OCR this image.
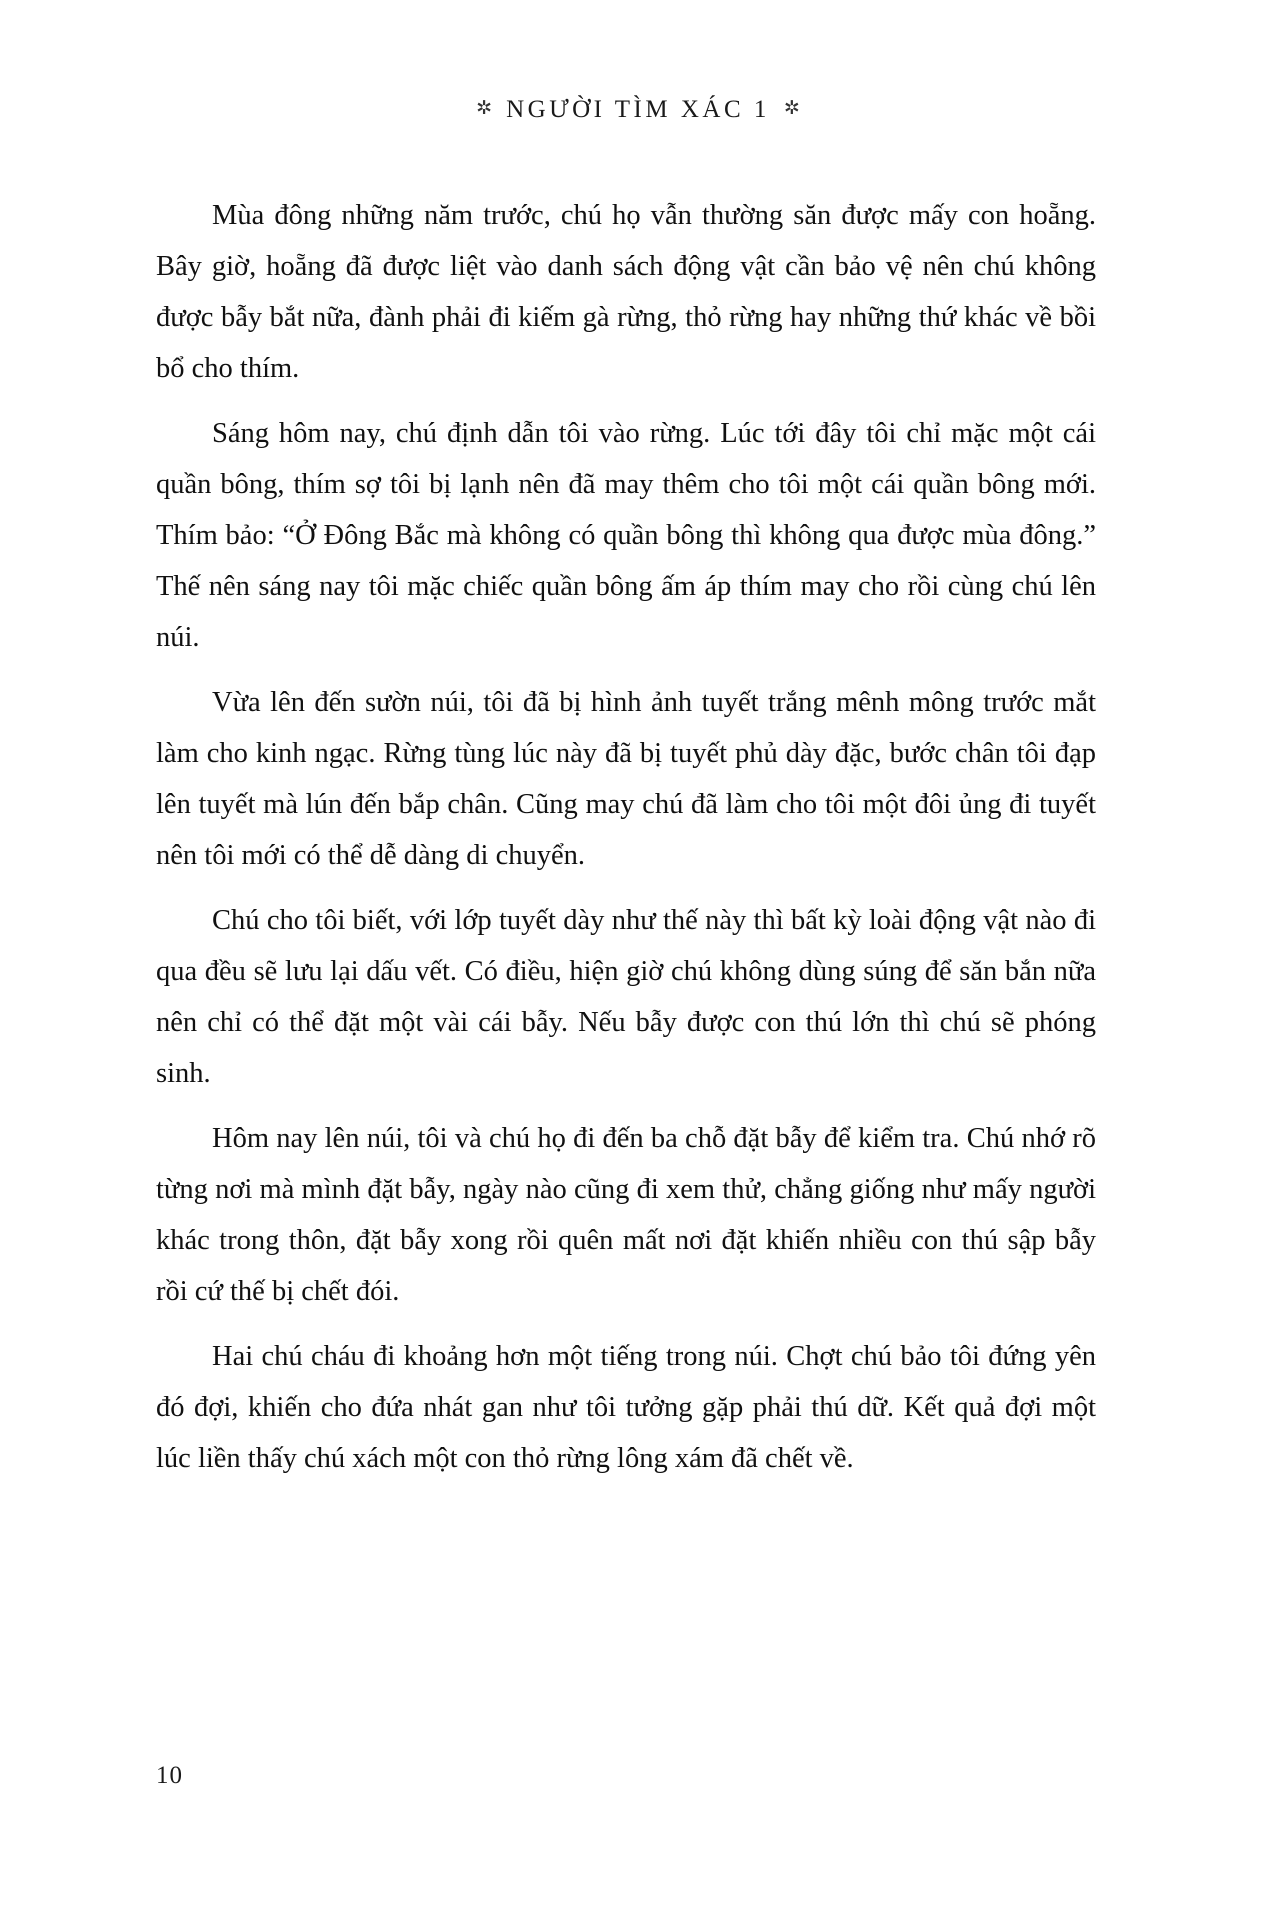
✲ NGƯỜI TÌM XÁC 1 ✲

Mùa đông những năm trước, chú họ vẫn thường săn được mấy con hoẵng. Bây giờ, hoẵng đã được liệt vào danh sách động vật cần bảo vệ nên chú không được bẫy bắt nữa, đành phải đi kiếm gà rừng, thỏ rừng hay những thứ khác về bồi bổ cho thím.

Sáng hôm nay, chú định dẫn tôi vào rừng. Lúc tới đây tôi chỉ mặc một cái quần bông, thím sợ tôi bị lạnh nên đã may thêm cho tôi một cái quần bông mới. Thím bảo: “Ở Đông Bắc mà không có quần bông thì không qua được mùa đông.” Thế nên sáng nay tôi mặc chiếc quần bông ấm áp thím may cho rồi cùng chú lên núi.

Vừa lên đến sườn núi, tôi đã bị hình ảnh tuyết trắng mênh mông trước mắt làm cho kinh ngạc. Rừng tùng lúc này đã bị tuyết phủ dày đặc, bước chân tôi đạp lên tuyết mà lún đến bắp chân. Cũng may chú đã làm cho tôi một đôi ủng đi tuyết nên tôi mới có thể dễ dàng di chuyển.

Chú cho tôi biết, với lớp tuyết dày như thế này thì bất kỳ loài động vật nào đi qua đều sẽ lưu lại dấu vết. Có điều, hiện giờ chú không dùng súng để săn bắn nữa nên chỉ có thể đặt một vài cái bẫy. Nếu bẫy được con thú lớn thì chú sẽ phóng sinh.

Hôm nay lên núi, tôi và chú họ đi đến ba chỗ đặt bẫy để kiểm tra. Chú nhớ rõ từng nơi mà mình đặt bẫy, ngày nào cũng đi xem thử, chẳng giống như mấy người khác trong thôn, đặt bẫy xong rồi quên mất nơi đặt khiến nhiều con thú sập bẫy rồi cứ thế bị chết đói.

Hai chú cháu đi khoảng hơn một tiếng trong núi. Chợt chú bảo tôi đứng yên đó đợi, khiến cho đứa nhát gan như tôi tưởng gặp phải thú dữ. Kết quả đợi một lúc liền thấy chú xách một con thỏ rừng lông xám đã chết về.

10
